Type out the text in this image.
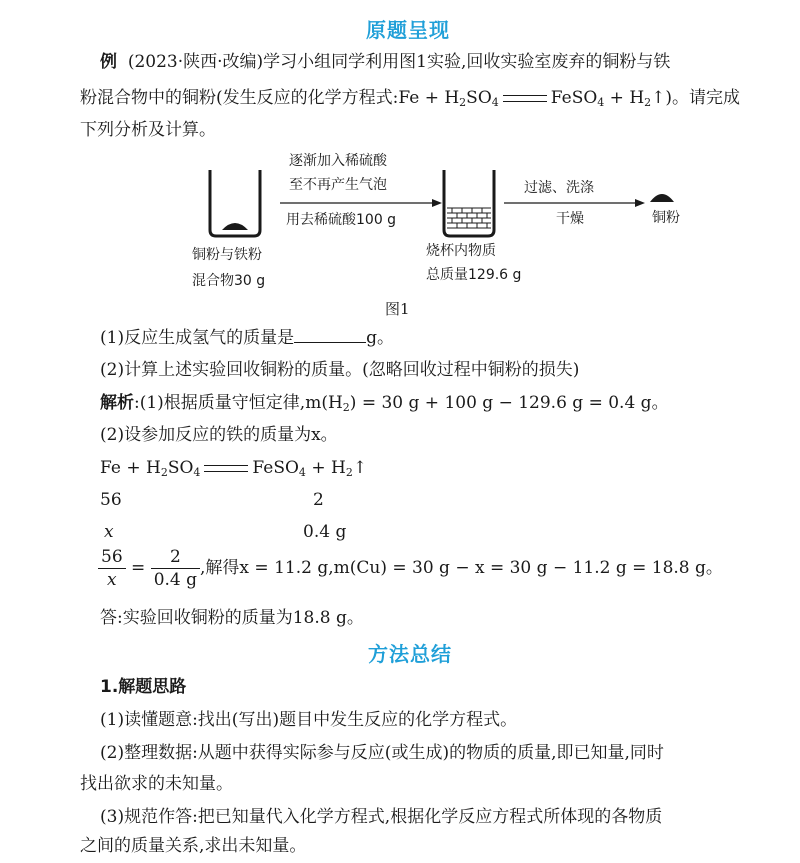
原题呈现
例 (2023·陕西·改编)学习小组同学利用图1实验,回收实验室废弃的铜粉与铁
粉混合物中的铜粉(发生反应的化学方程式:Fe + $H_2SO_4$	FeSO$_4$ + $H_2↑$)。请完成
下列分析及计算。
逐渐加入稀硫酸
至不再产生气泡
用去稀硫酸100 g
铜粉与铁粉
混合物30 g
烧杯内物质
总质量129.6 g
过滤、洗涤
干燥	铜粉
图1
(1)反应生成氢气的质量是	g。
(2)计算上述实验回收铜粉的质量。(忽略回收过程中铜粉的损失)
解析:(1)根据质量守恒定律$,m(H_2) = 30$ g + 100 g − 129.6 g = 0.4 g。
(2)设参加反应的铁的质量为x。
$Fe + H_2SO_4$	FeSO$_4$ + $H_2↑$
56	2
x	0.4 g
$\frac{56}{x} = \frac{2}{0.4 g}$ ,解得x = 11.2 g,m(Cu) = 30 g − x = 30 g − 11.2 g = 18.8 g。
答:实验回收铜粉的质量为18.8 g。
方法总结
1.解题思路
(1)读懂题意:找出(写出)题目中发生反应的化学方程式。
(2)整理数据:从题中获得实际参与反应(或生成)的物质的质量,即已知量,同时
找出欲求的未知量。
(3)规范作答:把已知量代入化学方程式,根据化学反应方程式所体现的各物质
之间的质量关系,求出未知量。
